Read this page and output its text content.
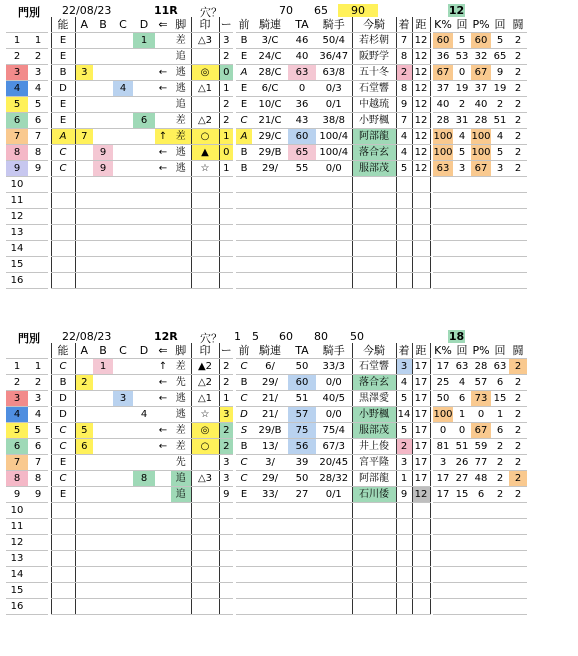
門別 22/08/23	11R 穴？	70 65	90	12
			能	A	B	C	D	⇐	脚	印	ー		前	騎連	TA	騎手	今騎	着	距		K%	回	P%	回	闘
1	1		E				1		差	△3	3		B	3/C	46	50/4	若杉朝	7	12		60	5	60	5	2
2	2		E						追		2		E	24/C	40	36/47	阪野学	8	12		36	53	32	65	2
3	3		B	3				←	逃	◎	0		A	28/C	63	63/8	五十冬	2	12		67	0	67	9	2
4	4		D			4		←	逃	△1	1		E	6/C	0	0/3	石堂響	8	12		37	19	37	19	2
5	5		E						追		2		E	10/C	36	0/1	中越琉	9	12		40	2	40	2	2
6	6		E				6		差	△2	2		C	21/C	43	38/8	小野楓	7	12		28	31	28	51	2
7	7		A	7				↑	差	○	1		A	29/C	60	100/4	阿部龍	4	12		100	4	100	4	2
8	8		C		9			←	逃	▲	0		B	29/B	65	100/4	落合玄	4	12		100	5	100	5	2
9	9		C		9			←	逃	☆	1		B	29/	55	0/0	服部茂	5	12		63	3	67	3	2
10																									
11																									
12																									
13																									
14																									
15																									
16																									
門別 22/08/23	12R 穴？ 1 5 60 80 50	18
			能	A	B	C	D	⇐	脚	印	ー		前	騎連	TA	騎手	今騎	着	距		K%	回	P%	回	闘
1	1		C		1			↑	差	▲2	2		C	6/	50	33/3	石堂響	3	17		17	63	28	63	2
2	2		B	2				←	先	△2	2		B	29/	60	0/0	落合玄	4	17		25	4	57	6	2
3	3		D			3		←	逃	△1	1		C	21/	51	40/5	黒澤愛	5	17		50	6	73	15	2
4	4		D				4		逃	☆	3		D	21/	57	0/0	小野楓	14	17		100	1	0	1	2
5	5		C	5				←	差	◎	2		S	29/B	75	75/4	服部茂	5	17		0	0	67	6	2
6	6		C	6				←	差	○	2		B	13/	56	67/3	井上俊	2	17		81	51	59	2	2
7	7		E						先		3		C	3/	39	20/45	宮平隆	3	17		3	26	77	2	2
8	8		C				8		追	△3	3		C	29/	50	28/32	阿部龍	1	17		17	27	48	2	2
9	9		E						追		9		E	33/	27	0/1	石川倭	9	12		17	15	6	2	2
10																									
11																									
12																									
13																									
14																									
15																									
16																									
